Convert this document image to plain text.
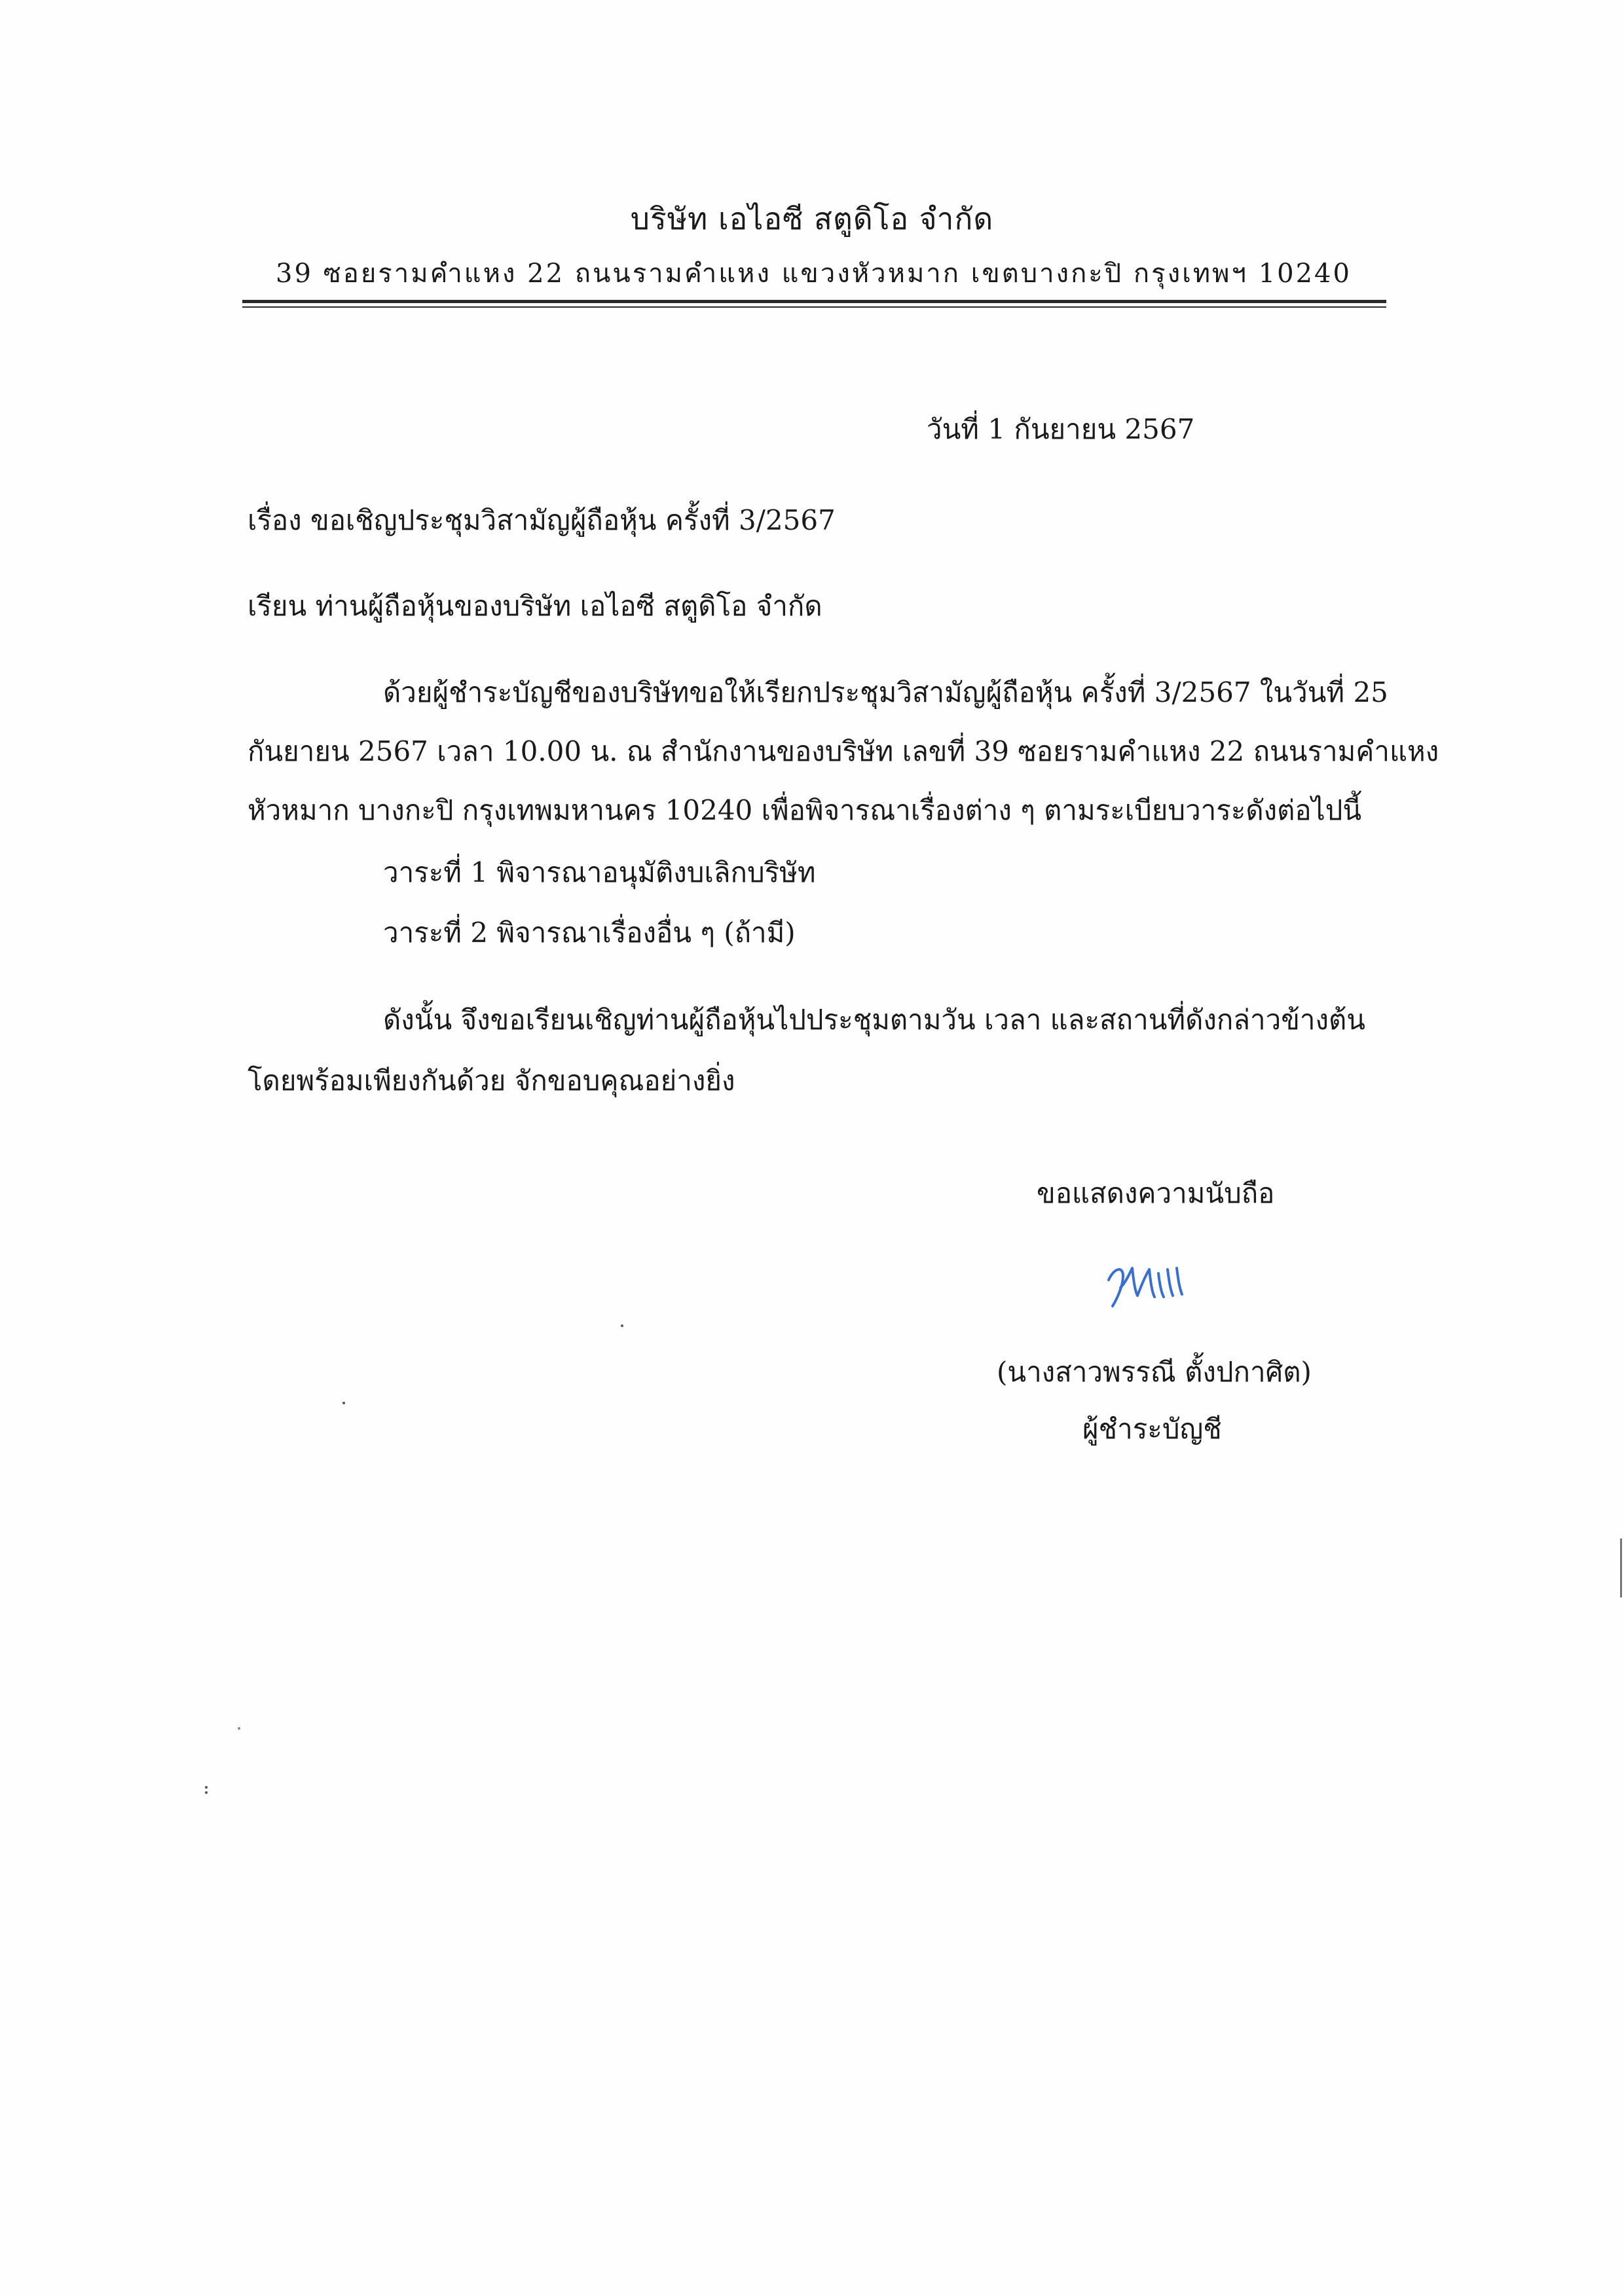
บริษัท เอไอซี สตูดิโอ จำกัด
39 ซอยรามคำแหง 22 ถนนรามคำแหง แขวงหัวหมาก เขตบางกะปิ กรุงเทพฯ 10240
วันที่ 1 กันยายน 2567
เรื่อง ขอเชิญประชุมวิสามัญผู้ถือหุ้น ครั้งที่ 3/2567
เรียน ท่านผู้ถือหุ้นของบริษัท เอไอซี สตูดิโอ จำกัด
ด้วยผู้ชำระบัญชีของบริษัทขอให้เรียกประชุมวิสามัญผู้ถือหุ้น ครั้งที่ 3/2567 ในวันที่ 25
กันยายน 2567 เวลา 10.00 น. ณ สำนักงานของบริษัท เลขที่ 39 ซอยรามคำแหง 22 ถนนรามคำแหง
หัวหมาก บางกะปิ กรุงเทพมหานคร 10240 เพื่อพิจารณาเรื่องต่าง ๆ ตามระเบียบวาระดังต่อไปนี้
วาระที่ 1 พิจารณาอนุมัติงบเลิกบริษัท
วาระที่ 2 พิจารณาเรื่องอื่น ๆ (ถ้ามี)
ดังนั้น จึงขอเรียนเชิญท่านผู้ถือหุ้นไปประชุมตามวัน เวลา และสถานที่ดังกล่าวข้างต้น
โดยพร้อมเพียงกันด้วย จักขอบคุณอย่างยิ่ง
ขอแสดงความนับถือ
(นางสาวพรรณี ตั้งปกาศิต)
ผู้ชำระบัญชี
